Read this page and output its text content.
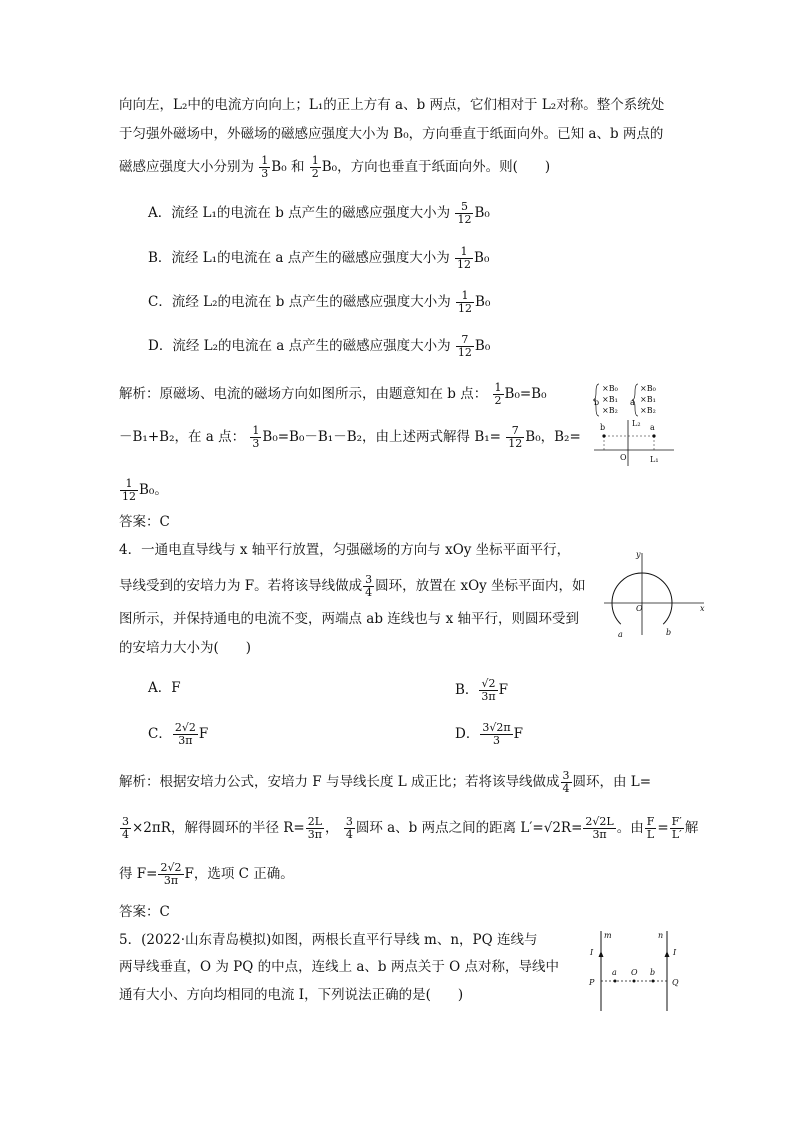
向向左，L₂中的电流方向向上；L₁的正上方有 a、b 两点，它们相对于 L₂对称。整个系统处
于匀强外磁场中，外磁场的磁感应强度大小为 B₀，方向垂直于纸面向外。已知 a、b 两点的
磁感应强度大小分别为 $\frac{1}{3} B_0$ 和 $\frac{1}{2} B_0$，方向也垂直于纸面向外。则(　　)
A．流经 L₁的电流在 b 点产生的磁感应强度大小为 $\frac{5}{12} B_0$
B．流经 L₁的电流在 a 点产生的磁感应强度大小为 $\frac{1}{12} B_0$
C．流经 L₂的电流在 b 点产生的磁感应强度大小为 $\frac{1}{12} B_0$
D．流经 L₂的电流在 a 点产生的磁感应强度大小为 $\frac{7}{12} B_0$
解析：原磁场、电流的磁场方向如图所示，由题意知在 b 点： $\frac{1}{2} B_0=B_0$
－B₁+B₂，在 a 点： $\frac{1}{3} B_0=B_0-B_1-B_2$，由上述两式解得 $B_1= \frac{7}{12} B_0$，B₂=
$\frac{1}{12} B_0$。
答案：C
b
×B₀
×B₁
×B₂
a
×B₀
×B₁
×B₂
b	a
L₂
O	L₁
4．一通电直导线与 x 轴平行放置，匀强磁场的方向与 xOy 坐标平面平行，
导线受到的安培力为 F。若将该导线做成 $\frac{3}{4}$ 圆环，放置在 xOy 坐标平面内，如
图所示，并保持通电的电流不变，两端点 ab 连线也与 x 轴平行，则圆环受到
的安培力大小为(　　)
y
x
O
a	b
A．F	B． $\frac{√2}{3\pi}$ F
C． $\frac{2√2}{3\pi}$ F	D． $\frac{3√2\pi}{3}$ F
解析：根据安培力公式，安培力 F 与导线长度 L 成正比；若将该导线做成 $\frac{3}{4}$ 圆环，由 L=
$\frac{3}{4} \times 2\pi R$，解得圆环的半径 $R= \frac{2L}{3\pi}$ ， $\frac{3}{4}$ 圆环 a、b 两点之间的距离 $L'=√2R= \frac{2√2L}{3\pi}$ 。由 $\frac{F}{L} = \frac{F'}{L'}$ 解
得 $F= \frac{2√2}{3\pi}$ F，选项 C 正确。
答案：C
5．(2022·山东青岛模拟)如图，两根长直平行导线 m、n，PQ 连线与
两导线垂直，O 为 PQ 的中点，连线上 a、b 两点关于 O 点对称，导线中
通有大小、方向均相同的电流 I，下列说法正确的是(　　)
m	n
I	I
P	Q
a O b
